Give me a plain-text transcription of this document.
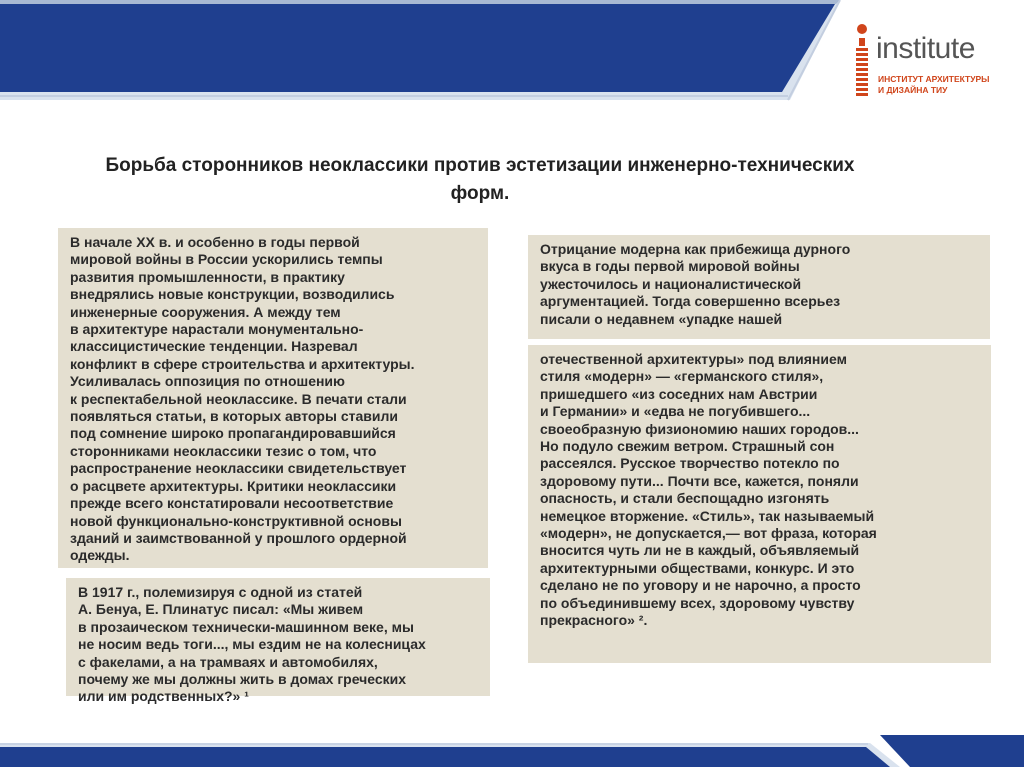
institute
ИНСТИТУТ АРХИТЕКТУРЫ
И ДИЗАЙНА ТИУ
Борьба сторонников неоклассики против эстетизации инженерно-технических форм.
В начале XX в. и особенно в годы первой
мировой войны в России ускорились темпы
развития промышленности, в практику
внедрялись новые конструкции, возводились
инженерные сооружения. А между тем
в архитектуре нарастали монументально-
классицистические тенденции. Назревал
конфликт в сфере строительства и архитектуры.
Усиливалась оппозиция по отношению
к респектабельной неоклассике. В печати стали
появляться статьи, в которых авторы ставили
под сомнение широко пропагандировавшийся
сторонниками неоклассики тезис о том, что
распространение неоклассики свидетельствует
о расцвете архитектуры. Критики неоклассики
прежде всего констатировали несоответствие
новой функционально-конструктивной основы
зданий и заимствованной у прошлого ордерной
одежды.
В 1917 г., полемизируя с одной из статей
А. Бенуа, Е. Плинатус писал: «Мы живем
в прозаическом технически-машинном веке, мы
не носим ведь тоги..., мы ездим не на колесницах
с факелами, а на трамваях и автомобилях,
почему же мы должны жить в домах греческих
или им родственных?» ¹
Отрицание модерна как прибежища дурного
вкуса в годы первой мировой войны
ужесточилось и националистической
аргументацией. Тогда совершенно всерьез
писали о недавнем «упадке нашей
отечественной архитектуры» под влиянием
стиля «модерн» — «германского стиля»,
пришедшего «из соседних нам Австрии
и Германии» и «едва не погубившего...
своеобразную физиономию наших городов...
Но подуло свежим ветром. Страшный сон
рассеялся. Русское творчество потекло по
здоровому пути... Почти все, кажется, поняли
опасность, и стали беспощадно изгонять
немецкое вторжение. «Стиль», так называемый
«модерн», не допускается,— вот фраза, которая
вносится чуть ли не в каждый, объявляемый
архитектурными обществами, конкурс. И это
сделано не по уговору и не нарочно, а просто
по объединившему всех, здоровому чувству
прекрасного» ².
